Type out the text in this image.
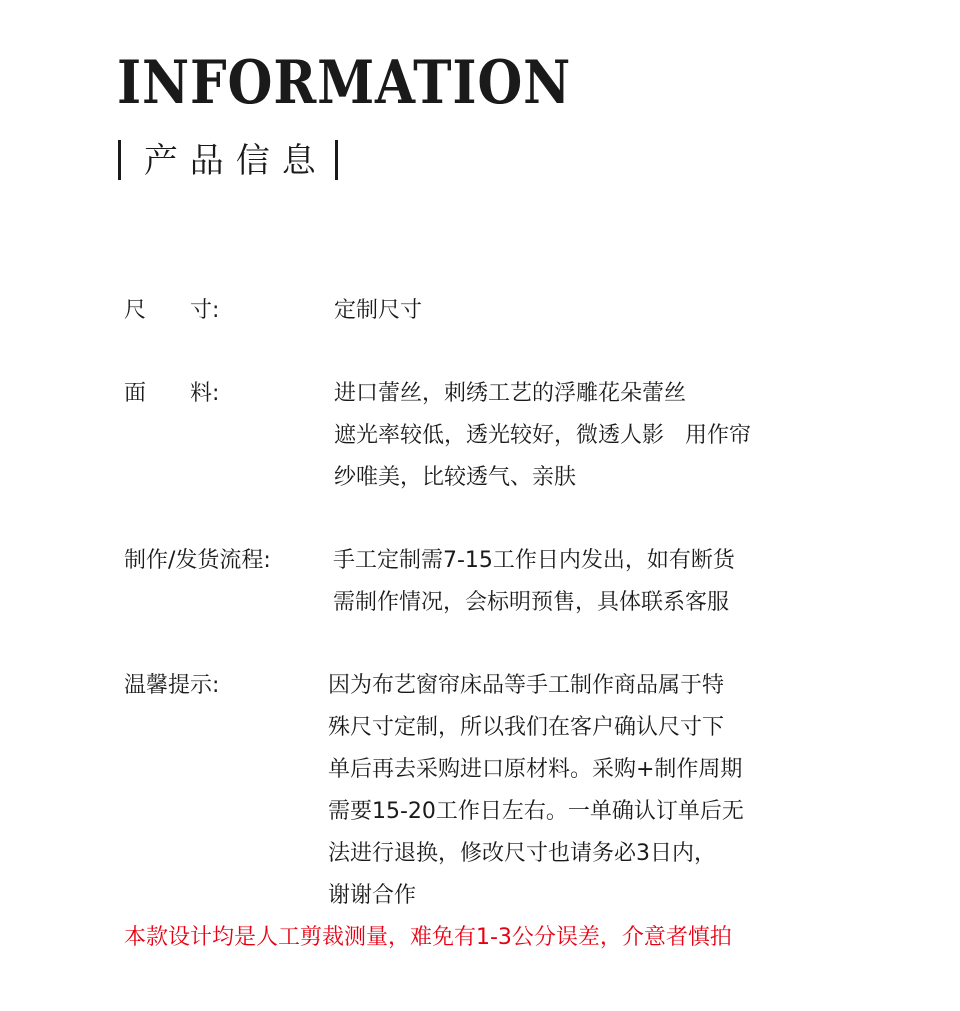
INFORMATION
产品信息
尺　　寸:	定制尺寸
面　　料:	进口蕾丝，刺绣工艺的浮雕花朵蕾丝
遮光率较低，透光较好，微透人影   用作帘
纱唯美，比较透气、亲肤
制作/发货流程:	手工定制需7-15工作日内发出，如有断货
需制作情况，会标明预售，具体联系客服
温馨提示:	因为布艺窗帘床品等手工制作商品属于特
殊尺寸定制，所以我们在客户确认尺寸下
单后再去采购进口原材料。采购+制作周期
需要15-20工作日左右。一单确认订单后无
法进行退换，修改尺寸也请务必3日内，
谢谢合作
本款设计均是人工剪裁测量，难免有1-3公分误差，介意者慎拍
